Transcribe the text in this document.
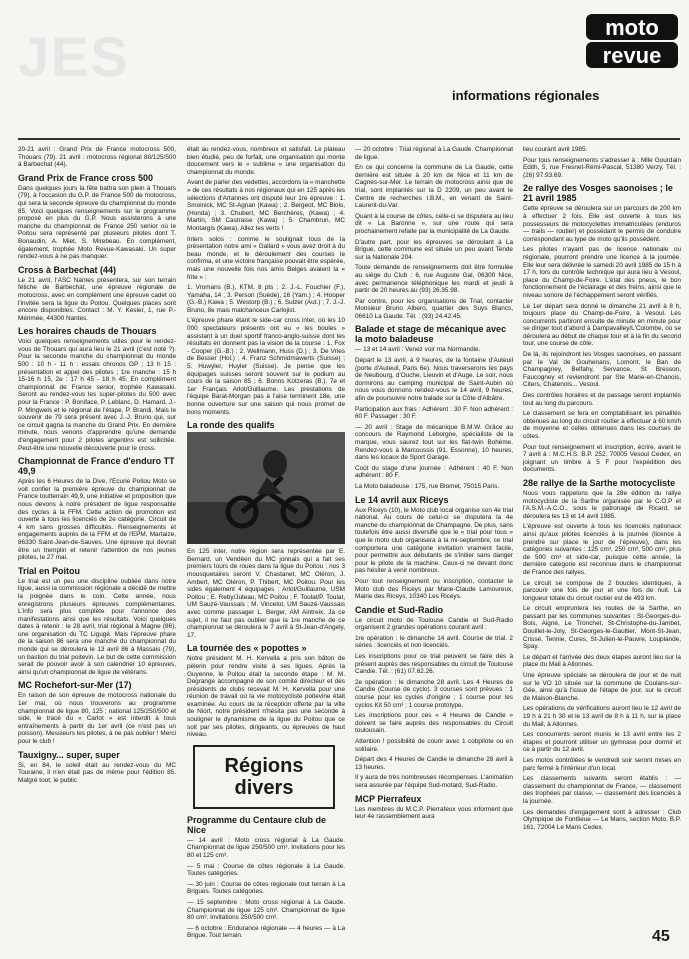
JES	moto
revue
informations régionales

20-21 avril : Grand Prix de France motocross 500, Thouars (79). 21 avril : motocross régional 80/125/500 à Barbechat (44).

Grand Prix de France cross 500

Dans quelques jours la fête battra son plein à Thouars (79), à l'occasion du G.P. de France 500 de motocross, qui sera la seconde épreuve du championnat du monde 85. Voici quelques renseignements sur le programme proposé en plus du G.P. Nous assisterons à une manche du championnat de France 250 senior où le Poitou sera représenté par plusieurs pilotes dont T. Bonaudin, A. Miet, S. Mirebeau. En complément, également, trophée Moto Revue-Kawasaki. Un super rendez-vous à ne pas manquer.

Cross à Barbechat (44)

Le 21 avril, l'ASC Nantes présentera, sur son terrain fétiche de Barbechat, une épreuve régionale de motocross, avec en complément une épreuve cadet où l'invitée sera la ligue du Poitou. Quelques places sont encore disponibles. Contact : M. Y. Kesler, 1, rue P.-Mérimée, 44300 Nantes.

Les horaires chauds de Thouars

Voici quelques renseignements utiles pour le rendez-vous de Thouars qui aura lieu le 21 avril (c'est noté ?). Pour la seconde manche du championnat du monde 500 : 10 h - 11 h : essais chronos GP ; 13 h 15 : présentation et appel des pilotes ; 1re manche : 15 h 15-16 h 15, 2e : 17 h 45 - 18 h 45. En complément championnat de France senior, trophée Kawasaki. Seront au rendez-vous les super-pilotes du 500 avec pour la France : P. Boniface, P. Leblanc, D. Hamard, J.-P. Mingwels et le régional de l'étape, P. Brandi. Mais le souvenir de 79 sera présent avec J.-J. Bruno qui, sur ce circuit gagna la manche du Grand Prix. En dernière minute, nous venons d'apprendre qu'une demande d'engagement pour 2 pilotes argentins est sollicitée. Peut-être une nouvelle découverte pour le cross.

Championnat de France d'enduro TT 49,9

Après les 6 Heures de la Dive, l'Ecurie Poitou Moto se voit confier la première épreuve du championnat de France toutterrain 49,9, une initiative et proposition que nous devons à notre président de ligue responsable des cycles à la FFM. Cette action de promotion est ouverte à tous les licenciés de 2e catégorie. Circuit de 4 km sans grosses difficultés. Renseignements et engagements auprès de la FFM et de l'EPM, Martaize, 86330 Saint-Jean-de-Sauves. Une épreuve qui devrait être un tremplin et retenir l'attention de nos jeunes pilotes, le 27 mai.

Trial en Poitou

Le trial est un peu une discipline oubliée dans notre ligue, aussi la commission régionale a décidé de mettre la poignée dans le coin. Cette année, nous enregistrons plusieurs épreuves complémentaires. L'info sera plus complète pour l'annonce des manifestations ainsi que les résultats. Voici quelques dates à retenir : le 28 avril, trial régional à Magne (86), une organisation du TC Ligugé. Mais l'épreuve phare de la saison 86 sera une manche du championnat du monde qui se déroulera le 13 avril 86 à Massais (79), un bastion du trial poitevin. Le but de cette commission serait de pouvoir avoir à son calendrier 10 épreuves, ainsi qu'un championnat de ligue de vétérans.

MC Rochefort-sur-Mer (17)

En raison de son épreuve de motocross nationale du 1er mai, où nous trouverons au programme championnat de ligue 80, 125 ; national 125/250/500 et side, le tracé du « Carlot » est interdit à tous entraînements à partir du 1er avril (ce n'est pas un poisson). Messieurs les pilotes, à ne pas oublier ! Merci pour le club !

Tauxigny... super, super

Si, en 84, le soleil était au rendez-vous du MC Touraine, il n'en était pas de même pour l'édition 85. Malgré tout, le public

était au rendez-vous, nombreux et satisfait. Le plateau bien étudié, peu de forfait, une organisation qui monte doucement vers le « sublime » une organisation du championnat du monde.

Avant de parler des vedettes, accordons la « manchette » de ces résultats à nos régionaux qui en 125 après les sélections d'Artannes ont disputé leur 1re épreuve : 1. Smoinick, MC St-Agnan (Kawa) ; 2. Bergeot, MC Blois, (Honda) ; 3. Chubert, MC Berchères, (Kawa) ; 4. Martin, SM Castraise (Kawa) ; 5. Chambrun, MC Montargis (Kawa). Allez les verts !

Inters solos : comme le soulignait tous de la présentation notre ami « Gallard » vous avez droit à du beau monde, et le déroulement des courses le confirma, et une victoire française pouvait être espérée, mais une nouvelle fois nos amis Belges avaient la « frite » :

1. Vromans (B.), KTM, 8 pts ; 2. J.-L. Fouchier (F.), Yamaha, 14 ; 3. Person (Suède), 16 (Yam.) ; 4. Hooper (G.-B.) Kawa ; 5. Westorp (B.) ; 6. Sulzer (Aut.) ; 7. J.-J. Bruno, 8e mais malchanceux Carlojist.

L'épreuve phare étant le side-car cross inter, où les 10 000 spectateurs présents ont eu « les boules » assistant à un duel sportif franco-anglo-suisse dont les résultats en donnent pas la vision de la course : 1. Fox - Cooper (G.-B.) ; 2. Wellmann, Huss (D.) ; 3. De Vries de Besser (Hol.) ; 4. Franz Schmidmawerts (Suisse) ; 5. Huwyler, Huyler (Suisse). Je pense que les équipages suisses seront souvent sur le podium au cours de la saison 85 ; 6. Bonns Kotzeras (B.). 7e et 1er Français Arlot/Guillaume. Les prestations de l'équipe Barat-Morgan pas à l'aise terminent 18e, une bonne ouverture sur une saison qui nous promet de bons moments.

La ronde des qualifs

En 125 inter, notre région sera représentée par E. Bernard, un Vendéen du MC jonnais qui a fait ses premiers tours de roues dans la ligue du Poitou ; nos 3 mousquetaires seront V. Chastanet, MC Oléron, J. Ambert, MC Oléron, P. Thibert, MC Poitou. Pour les sides également 4 équipages : Arlot/Guillaume, USM Poitou ; E. Reby/Juteau, MC Poitou ; F. Toulat/P. Toulat, UM Sauzé-Vaussais ; M. Vincelot, UM Sauzé-Vaussais avec comme passager L. Berger, AM Aintreix. Ja ce sujet, il ne faut pas oublier que la 1re manche de ce championnat se déroulera le 7 avril à St-Jean-d'Angely, 17.

La tournée des « popottes »

Notre président M. H. Kervella a pris son bâton de pèlerin pour rendre visite à ses ligues. Après la Guyenne, le Poitou était la seconde étape : M. M. Degrange accompagné de son comité directeur et des présidents de clubs recevait M. H. Kervella pour une réunion de travail où la vie motocycliste poitevine était examinée. Au cours de la réception offerte par la ville de Niort, notre président n'hésita pas une seconde à souligner le dynamisme de la ligue du Poitou que ce soit par ses pilotes, dirigeants, ou épreuves de haut niveau.

Régions divers
Programme du Centaure club de Nice

— 14 avril : Moto cross régional à La Gaude. Championnat de ligue 250/500 cm³. Invitations pour les 80 et 125 cm³.

— 5 mai : Course de côtes régionale à La Gaude. Toutes catégories.

— 30 juin : Course de côtes régionale tout terrain à La Brigues. Toutes catégories.

— 15 septembre : Moto cross régional à La Gaude. Championnat de ligue 125 cm³. Championnat de ligue 80 cm³. Invitations 250/500 cm³.

— 6 octobre : Endurance régionale — 4 heures — à La Brigue. Tout terrain.

— 20 octobre : Trial régional à La Gaude. Championnat de ligue.

En ce qui concerne la commune de La Gaude, cette dernière est située à 20 km de Nice et 11 km de Cagnes-sur-Mer. Le terrain de motocross ainsi que de trial, sont implantés sur la D 2209, un peu avant le Centre de recherches I.B.M., en venant de Saint-Laurent-du-Var.

Quant à la course de côtes, celle-ci se disputera au lieu dit « La Baronne », sur une route qui sera prochainement refaite par la municipalité de La Gaude.

D'autre part, pour les épreuves se déroulant à La Brigue, cette commune est située un peu avant Tende sur la Nationale 204.

Toute demande de renseignements doit être formulée au siège du Club : 6, rue Auguste Gal, 06300 Nice, avec permanence téléphonique les mardi et jeudi à partir de 20 heures au (93) 26.35.98.

Par contre, pour les organisations de Trial, contacter Monsieur Bruno Albero, quartier des Suys Blancs, 06610 La Gaude. Tél. : (93) 24.42.45.

Balade et stage de mécanique avec la moto baladeuse

— 13 et 14 avril : Venez voir ma Normandie.

Départ le 13 avril, à 9 heures, de la fontaine d'Auteuil (porte d'Auteuil, Paris 6e). Nous traverserons les pays de Neubourg, d'Ouche, Lieuvin et d'Auge. Le soir, nous dormirons au camping municipal de Saint-Aubin où nous vous donnons rendez-vous le 14 avril, 9 heures, afin de poursuivre notre balade sur la Côte d'Albâtre.

Participation aux frais : Adhérent : 30 F. Non adhérent : 60 F. Passager : 30 F.

— 20 avril : Stage de mécanique B.M.W. Grâce au concours de Raymond Leborgne, spécialiste de la marque, vous saurez tout sur les flat-twin Bohème. Rendez-vous à Marcoussis (91, Essonne), 10 heures, dans les locaux de Sport Garage.

Coût du stage d'une journée : Adhérent : 40 F. Non adhérent : 80 F.

La Moto baladeuse : 175, rue Blomet, 75015 Paris.

Le 14 avril aux Riceys

Aux Riceys (10), le Moto club local organise son 4e trial national. Au cours de celui-ci se disputera la 4e manche du championnat de Champagne. De plus, sans toutefois être aussi diversifié que le « trial pour tous » que le moto club organisera à la mi-septembre, ce trial comportera une catégorie invitation vraiment facile, pour permettre aux débutants de s'initier sans danger pour le pilote de la machine. Ceux-ci ne devant donc pas hésiter à venir nombreux.

Pour tout renseignement ou inscription, contacter le Moto club des Riceys par Marie-Claude Lamoureux, Mairie des Riceys, 10340 Les Riceys.

Candie et Sud-Radio

Le circuit moto de Toulouse Candie et Sud-Radio organisent 2 grandes opérations courant avril :

1re opération : le dimanche 14 avril. Course de trial. 2 séries : licenciés et non licenciés.

Les inscriptions pour ce trial peuvent se faire dès à présent auprès des responsables du circuit de Toulouse Candie. Tél. : (61) 07.62.26.

2e opération : le dimanche 28 avril. Les 4 Heures de Candie (Course de cyclo). 3 courses sont prévues : 1 course pour les cycles d'origine ; 1 course pour les cyclos Kit 50 cm³ ; 1 course prototype.

Les inscriptions pour ces « 4 Heures de Candie » doivent se faire auprès des responsables du Circuit toulousain.

Attention ! possibilité de courir avec 1 cobpilote ou en solitaire.

Départ des 4 Heures de Candie le dimanche 28 avril à 13 heures.

Il y aura de très nombreuses récompenses. L'animation sera assurée par l'équipe Sud-motard, Sud-Radio.

MCP Pierrafeux

Les membres du M.C.P. Pierrafeux vous informent que leur 4e rassemblement aura

lieu courant avril 1985.

Pour tous renseignements s'adresser à : Mlle Gourdain Edith, 5, rue Fresnet-Rémi-Pascal, 51380 Verzy. Tél. : (26) 97.93.69.

2e rallye des Vosges saonoises ; le 21 avril 1985

Cette épreuve se déroulera sur un parcours de 200 km à effectuer 2 fois. Elle est ouverte à tous les possesseurs de motocyclettes immatriculées (enduros — trails — routier) et possédant le permis de conduire correspondant au type de moto qu'ils possèdent.

Les pilotes n'ayant pas de licence nationale ou régionale, pourront prendre une licence à la journée. Elle leur sera délivrée le samedi 20 avril 1985 de 15 h à 17 h, lors du contrôle technique qui aura lieu à Vesoul, place du Champ-de-Foire. L'état des pneus, le bon fonctionnement de l'éclairage et des freins, ainsi que le niveau sonore de l'échappement seront vérifiés.

Le 1er départ sera donné le dimanche 21 avril à 8 h, toujours place du Champ-de-Foire, à Vesoul. Les concurrents partiront ensuite de minute en minute pour se diriger tout d'abord à Dampavalley/L'Colombe, où se déroulera au début de chaque tour et à la fin du second tour, une course de côte.

De là, ils rejoindront les Vosges saonoises, en passant par le Val de Gouhenans, Lomont, le Ban de Champagney, Belfahy, Servance, St Bresson, Faucogney et reviendront par Ste Marie-en-Chanois, Citers, Chatenois... Vesoul.

Des contrôles horaires et de passage seront implantés tout au long du parcours.

Le classement se fera en comptabilisant les pénalités obtenues au long du circuit routier à effectuer à 60 km/h de moyenne et celles obtenues dans les courses de côtes.

Pour tout renseignement et inscription, écrire, avant le 7 avril à : M.C.H.S. B.P. 252, 70005 Vesoul Cedex, en joignant un timbre à 5 F pour l'expédition des documents.

28e rallye de la Sarthe motocycliste

Nous vous rappelons que la 28e édition du rallye motocycliste de la Sarthe organisée par le C.O.P et l'A.S.M.-A.C.O., sous le patronage de Ricard, se déroulera les 13 et 14 avril 1985.

L'épreuve est ouverte à tous les licenciés nationaux ainsi qu'aux pilotes licenciés à la journée (licence à prendre sur place le jour de l'épreuve), dans les catégories suivantes : 125 cm³, 250 cm³, 500 cm³, plus de 500 cm³ et side-car, puisque cette année, la dernière catégorie est reconnue dans le championnat de France des rallyes.

Le circuit se compose de 2 boucles identiques, à parcourir une fois de jour et une fois de nuit. La longueur totale du circuit routier est de 493 km.

Le circuit empruntera les routes de la Sarthe, en passant par les communes suivantes : St-Georges-du-Bois, Aigné, Le Tronchet, St-Christophe-du-Jambet, Douillet-le-Joly, St-Georges-le-Gaultier, Mont-St-Jean, Crissé, Tennie, Cures, St-Julien-le-Pauvre, Louplande, Spay.

Le départ et l'arrivée des deux étapes auront lieu sur la place du Mail à Allonnes.

Une épreuve spéciale se déroulera de jour et de nuit sur le VO 10 située sur la commune de Coulans-sur-Gée, ainsi qu'à l'issue de l'étape de jour, sur le circuit de Maison-Blanche.

Les opérations de vérifications auront lieu le 12 avril de 19 h à 21 h 30 et le 13 avril de 8 h à 11 h, sur la place du Mail, à Allonnes.

Les concurrents seront munis le 13 avril entre les 2 étapes et pourront utiliser un gymnase pour dormir et ce à partir du 12 avril.

Les motos contrôlées le vendredi soir seront mises en parc fermé à l'intérieur d'un local.

Les classements suivants seront établis : — classement du championnat de France, — classement des trophées par classe, — classement des licenciés à la journée.

Les demandes d'engagement sont à adresser : Club Olympique de Fontlieue — Le Mans, section Moto. B.P. 161, 72004 Le Mans Cedex.

45
